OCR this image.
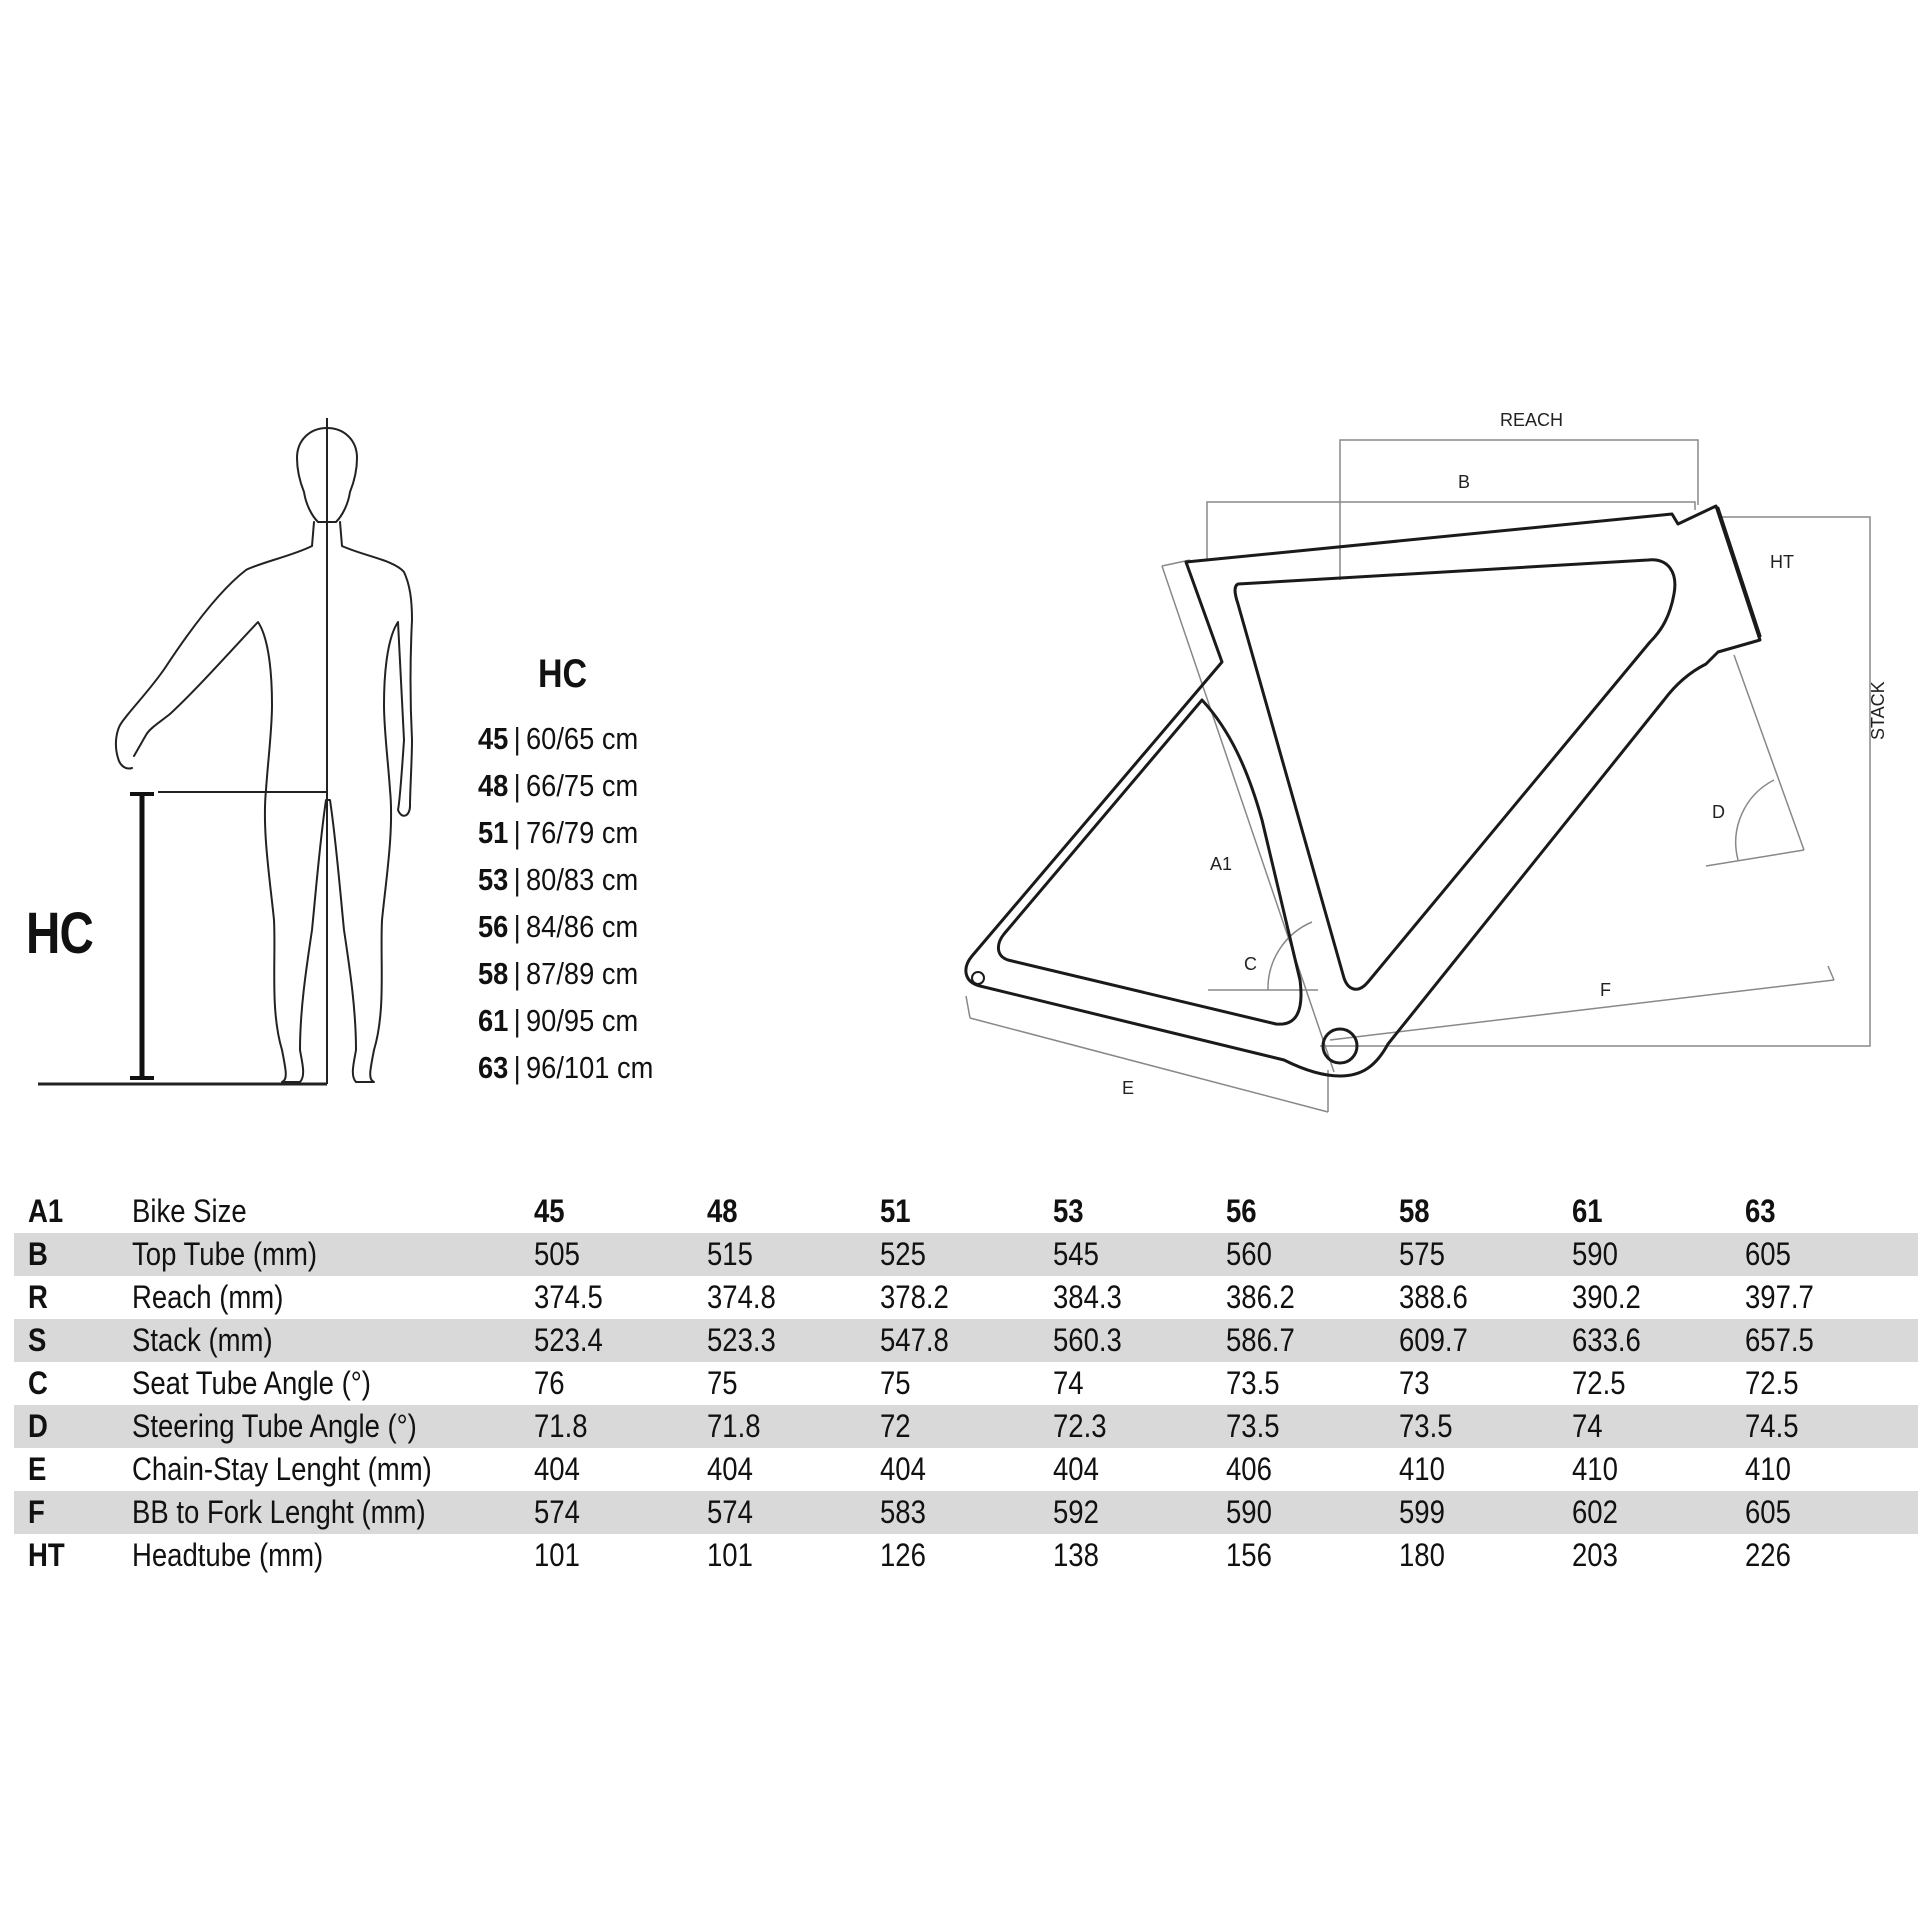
HC
HC
45 | 60/65 cm
48 | 66/75 cm
51 | 76/79 cm
53 | 80/83 cm
56 | 84/86 cm
58 | 87/89 cm
61 | 90/95 cm
63 | 96/101 cm
REACH
B
HT
STACK
D
A1
C
F
E
A1	Bike Size	45	48	51	53	56	58	61	63
B	Top Tube (mm)	505	515	525	545	560	575	590	605
R	Reach (mm)	374.5	374.8	378.2	384.3	386.2	388.6	390.2	397.7
S	Stack (mm)	523.4	523.3	547.8	560.3	586.7	609.7	633.6	657.5
C	Seat Tube Angle (°)	76	75	75	74	73.5	73	72.5	72.5
D	Steering Tube Angle (°)	71.8	71.8	72	72.3	73.5	73.5	74	74.5
E	Chain-Stay Lenght (mm)	404	404	404	404	406	410	410	410
F	BB to Fork Lenght (mm)	574	574	583	592	590	599	602	605
HT	Headtube (mm)	101	101	126	138	156	180	203	226
